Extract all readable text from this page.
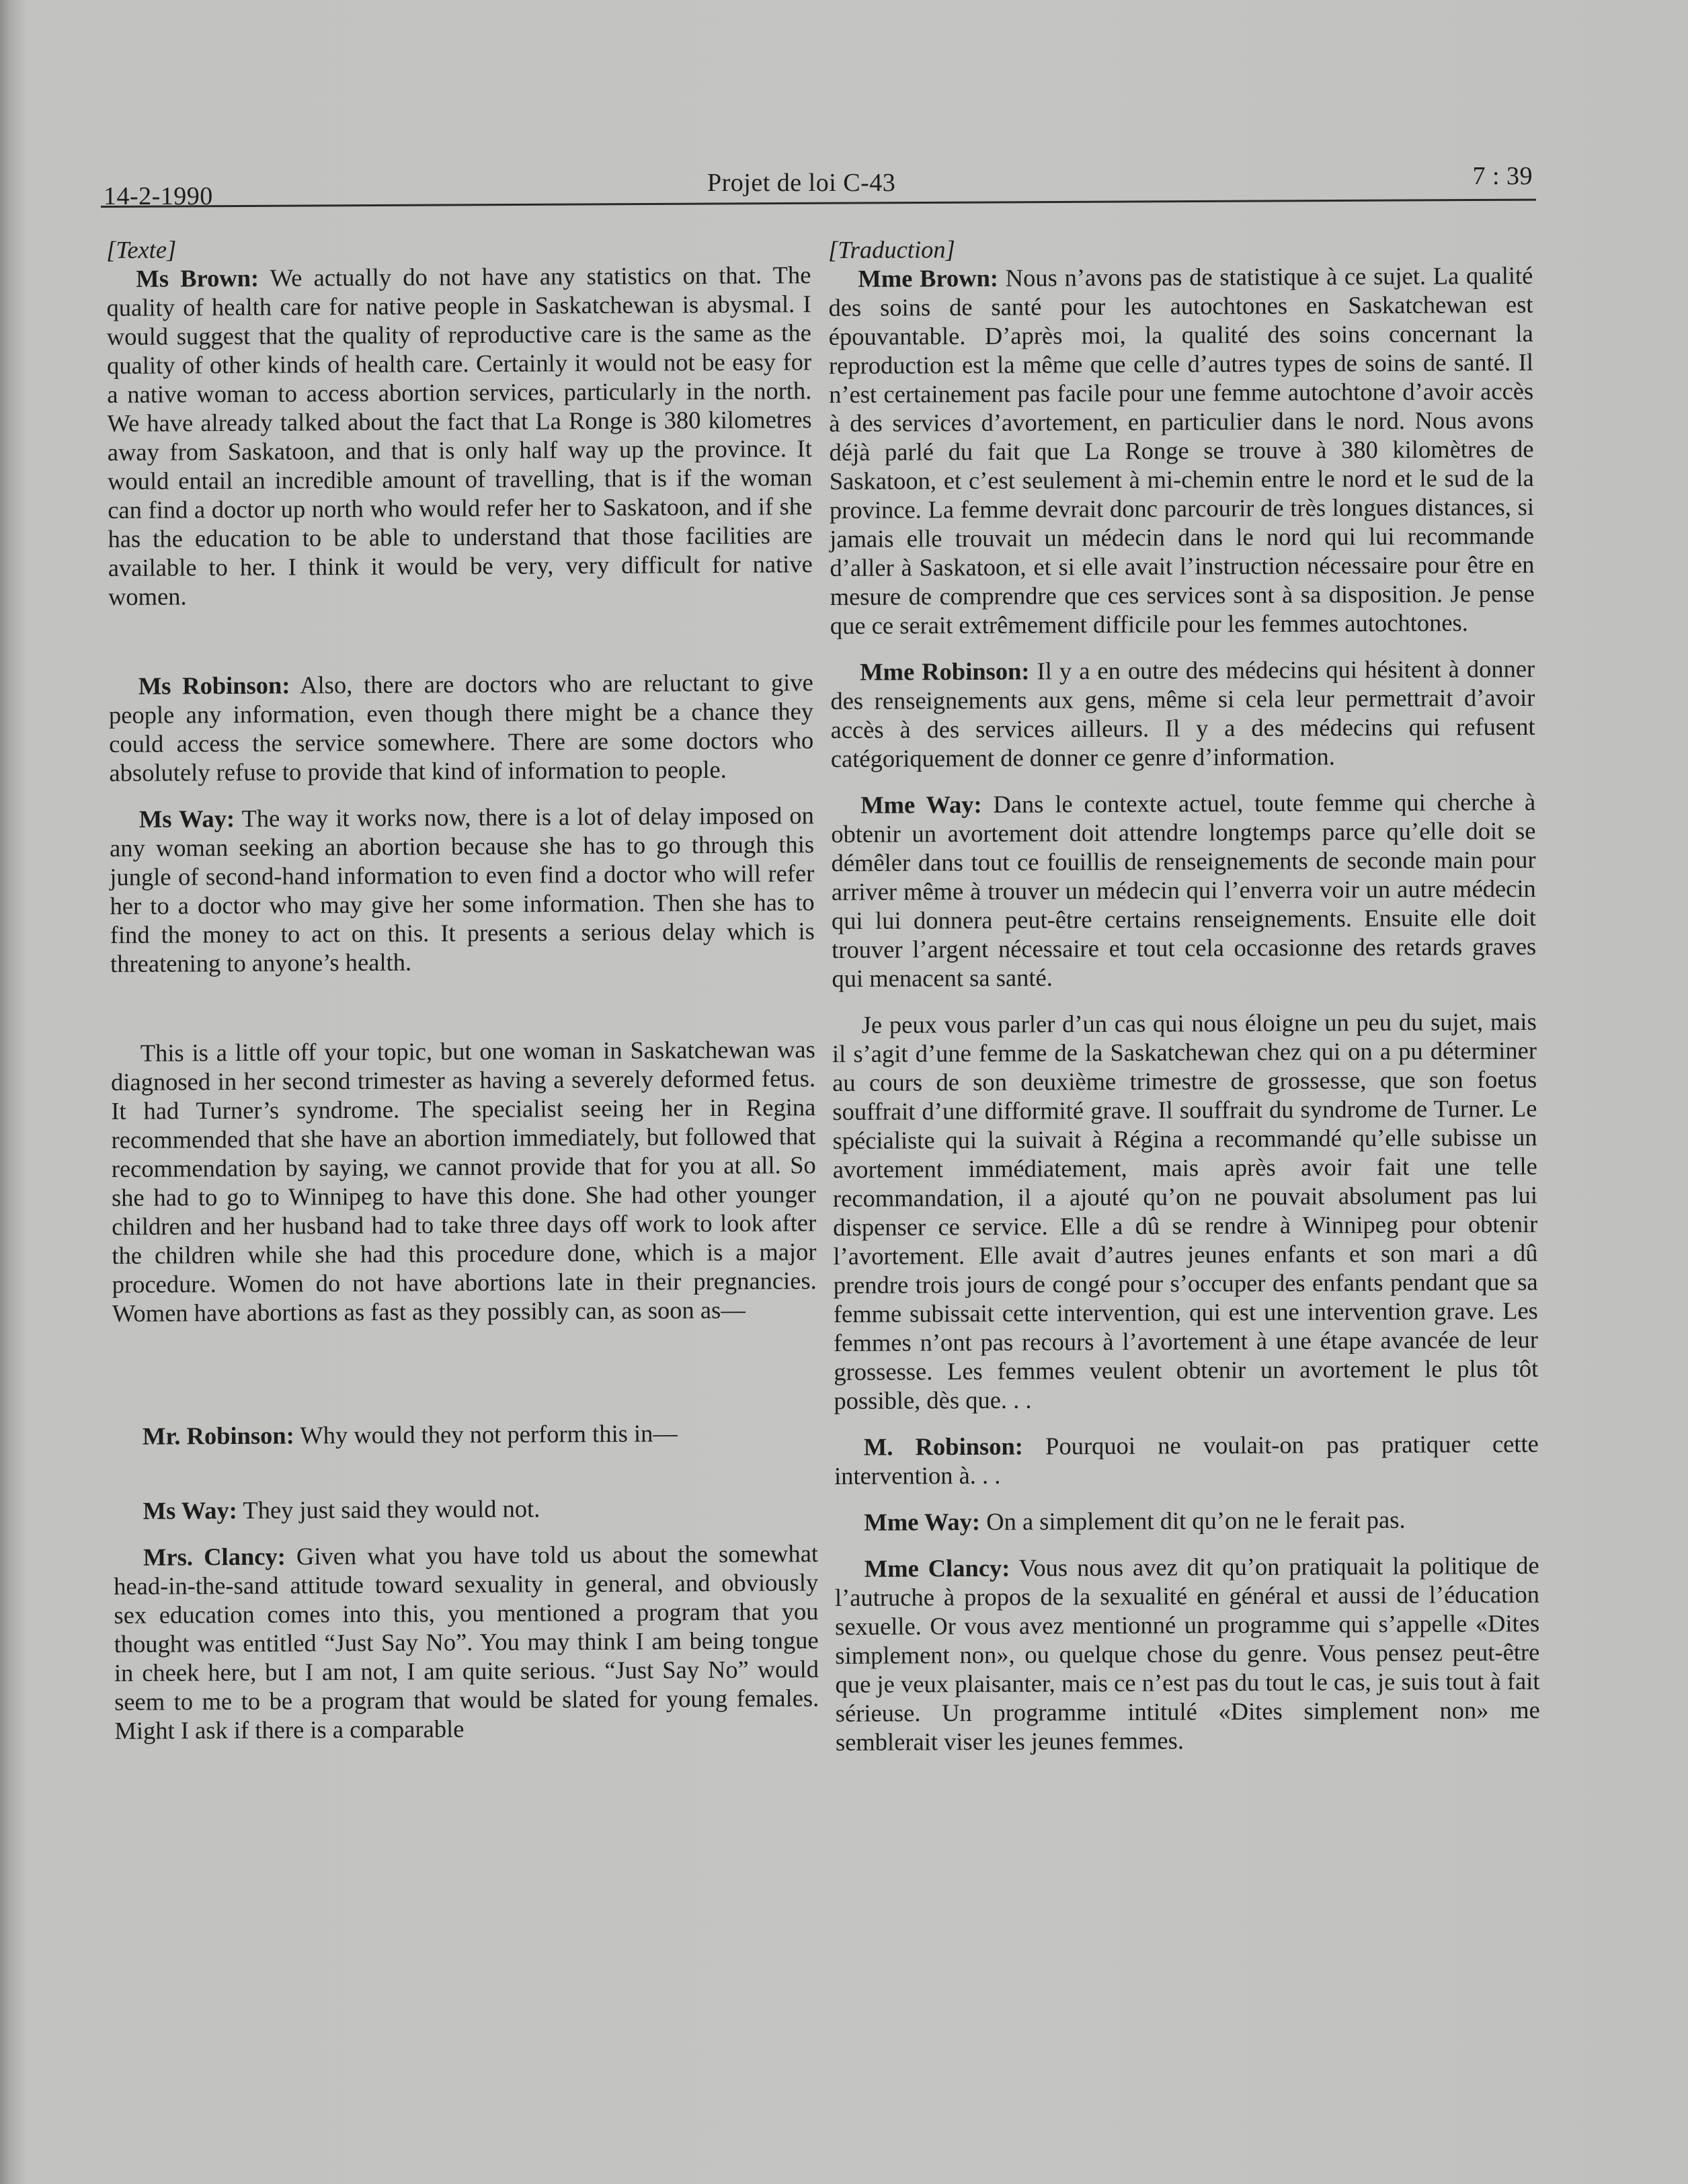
14-2-1990	Projet de loi C-43	7 : 39

[Texte]

Ms Brown: We actually do not have any statistics on that. The quality of health care for native people in Saskatchewan is abysmal. I would suggest that the quality of reproductive care is the same as the quality of other kinds of health care. Certainly it would not be easy for a native woman to access abortion services, particularly in the north. We have already talked about the fact that La Ronge is 380 kilometres away from Saskatoon, and that is only half way up the province. It would entail an incredible amount of travelling, that is if the woman can find a doctor up north who would refer her to Saskatoon, and if she has the education to be able to understand that those facilities are available to her. I think it would be very, very difficult for native women.

Ms Robinson: Also, there are doctors who are reluctant to give people any information, even though there might be a chance they could access the service somewhere. There are some doctors who absolutely refuse to provide that kind of information to people.

Ms Way: The way it works now, there is a lot of delay imposed on any woman seeking an abortion because she has to go through this jungle of second-hand information to even find a doctor who will refer her to a doctor who may give her some information. Then she has to find the money to act on this. It presents a serious delay which is threatening to anyone’s health.

This is a little off your topic, but one woman in Saskatchewan was diagnosed in her second trimester as having a severely deformed fetus. It had Turner’s syndrome. The specialist seeing her in Regina recommended that she have an abortion immediately, but followed that recommendation by saying, we cannot provide that for you at all. So she had to go to Winnipeg to have this done. She had other younger children and her husband had to take three days off work to look after the children while she had this procedure done, which is a major procedure. Women do not have abortions late in their pregnancies. Women have abortions as fast as they possibly can, as soon as—

Mr. Robinson: Why would they not perform this in—

Ms Way: They just said they would not.

Mrs. Clancy: Given what you have told us about the somewhat head-in-the-sand attitude toward sexuality in general, and obviously sex education comes into this, you mentioned a program that you thought was entitled “Just Say No”. You may think I am being tongue in cheek here, but I am not, I am quite serious. “Just Say No” would seem to me to be a program that would be slated for young females. Might I ask if there is a comparable

[Traduction]

Mme Brown: Nous n’avons pas de statistique à ce sujet. La qualité des soins de santé pour les autochtones en Saskatchewan est épouvantable. D’après moi, la qualité des soins concernant la reproduction est la même que celle d’autres types de soins de santé. Il n’est certainement pas facile pour une femme autochtone d’avoir accès à des services d’avortement, en particulier dans le nord. Nous avons déjà parlé du fait que La Ronge se trouve à 380 kilomètres de Saskatoon, et c’est seulement à mi-chemin entre le nord et le sud de la province. La femme devrait donc parcourir de très longues distances, si jamais elle trouvait un médecin dans le nord qui lui recommande d’aller à Saskatoon, et si elle avait l’instruction nécessaire pour être en mesure de comprendre que ces services sont à sa disposition. Je pense que ce serait extrêmement difficile pour les femmes autochtones.

Mme Robinson: Il y a en outre des médecins qui hésitent à donner des renseignements aux gens, même si cela leur permettrait d’avoir accès à des services ailleurs. Il y a des médecins qui refusent catégoriquement de donner ce genre d’information.

Mme Way: Dans le contexte actuel, toute femme qui cherche à obtenir un avortement doit attendre longtemps parce qu’elle doit se démêler dans tout ce fouillis de renseignements de seconde main pour arriver même à trouver un médecin qui l’enverra voir un autre médecin qui lui donnera peut-être certains renseignements. Ensuite elle doit trouver l’argent nécessaire et tout cela occasionne des retards graves qui menacent sa santé.

Je peux vous parler d’un cas qui nous éloigne un peu du sujet, mais il s’agit d’une femme de la Saskatchewan chez qui on a pu déterminer au cours de son deuxième trimestre de grossesse, que son foetus souffrait d’une difformité grave. Il souffrait du syndrome de Turner. Le spécialiste qui la suivait à Régina a recommandé qu’elle subisse un avortement immédiatement, mais après avoir fait une telle recommandation, il a ajouté qu’on ne pouvait absolument pas lui dispenser ce service. Elle a dû se rendre à Winnipeg pour obtenir l’avortement. Elle avait d’autres jeunes enfants et son mari a dû prendre trois jours de congé pour s’occuper des enfants pendant que sa femme subissait cette intervention, qui est une intervention grave. Les femmes n’ont pas recours à l’avortement à une étape avancée de leur grossesse. Les femmes veulent obtenir un avortement le plus tôt possible, dès que. . .

M. Robinson: Pourquoi ne voulait-on pas pratiquer cette intervention à. . .

Mme Way: On a simplement dit qu’on ne le ferait pas.

Mme Clancy: Vous nous avez dit qu’on pratiquait la politique de l’autruche à propos de la sexualité en général et aussi de l’éducation sexuelle. Or vous avez mentionné un programme qui s’appelle «Dites simplement non», ou quelque chose du genre. Vous pensez peut-être que je veux plaisanter, mais ce n’est pas du tout le cas, je suis tout à fait sérieuse. Un programme intitulé «Dites simplement non» me semblerait viser les jeunes femmes.
